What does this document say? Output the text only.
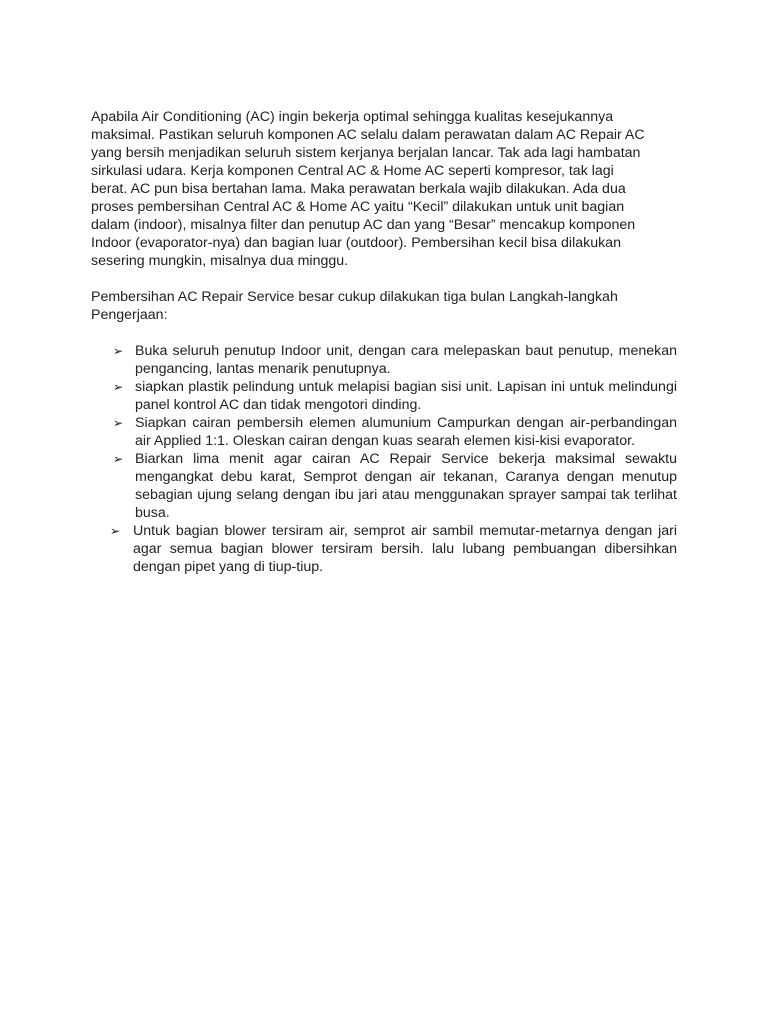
Apabila Air Conditioning (AC) ingin bekerja optimal sehingga kualitas kesejukannya maksimal. Pastikan seluruh komponen AC selalu dalam perawatan dalam AC Repair AC yang bersih menjadikan seluruh sistem kerjanya berjalan lancar. Tak ada lagi hambatan sirkulasi udara. Kerja komponen Central AC & Home AC seperti kompresor, tak lagi berat. AC pun bisa bertahan lama. Maka perawatan berkala wajib dilakukan. Ada dua proses pembersihan Central AC & Home AC yaitu “Kecil” dilakukan untuk unit bagian dalam (indoor), misalnya filter dan penutup AC dan yang “Besar” mencakup komponen Indoor (evaporator-nya) dan bagian luar (outdoor). Pembersihan kecil bisa dilakukan sesering mungkin, misalnya dua minggu.

Pembersihan AC Repair Service besar cukup dilakukan tiga bulan Langkah-langkah Pengerjaan:

➢ Buka seluruh penutup Indoor unit, dengan cara melepaskan baut penutup, menekan pengancing, lantas menarik penutupnya.
➢ siapkan plastik pelindung untuk melapisi bagian sisi unit. Lapisan ini untuk melindungi panel kontrol AC dan tidak mengotori dinding.
➢ Siapkan cairan pembersih elemen alumunium Campurkan dengan air-perbandingan air Applied 1:1. Oleskan cairan dengan kuas searah elemen kisi-kisi evaporator.
➢ Biarkan lima menit agar cairan AC Repair Service bekerja maksimal sewaktu mengangkat debu karat, Semprot dengan air tekanan, Caranya dengan menutup sebagian ujung selang dengan ibu jari atau menggunakan sprayer sampai tak terlihat busa.
➢ Untuk bagian blower tersiram air, semprot air sambil memutar-metarnya dengan jari agar semua bagian blower tersiram bersih. lalu lubang pembuangan dibersihkan dengan pipet yang di tiup-tiup.
